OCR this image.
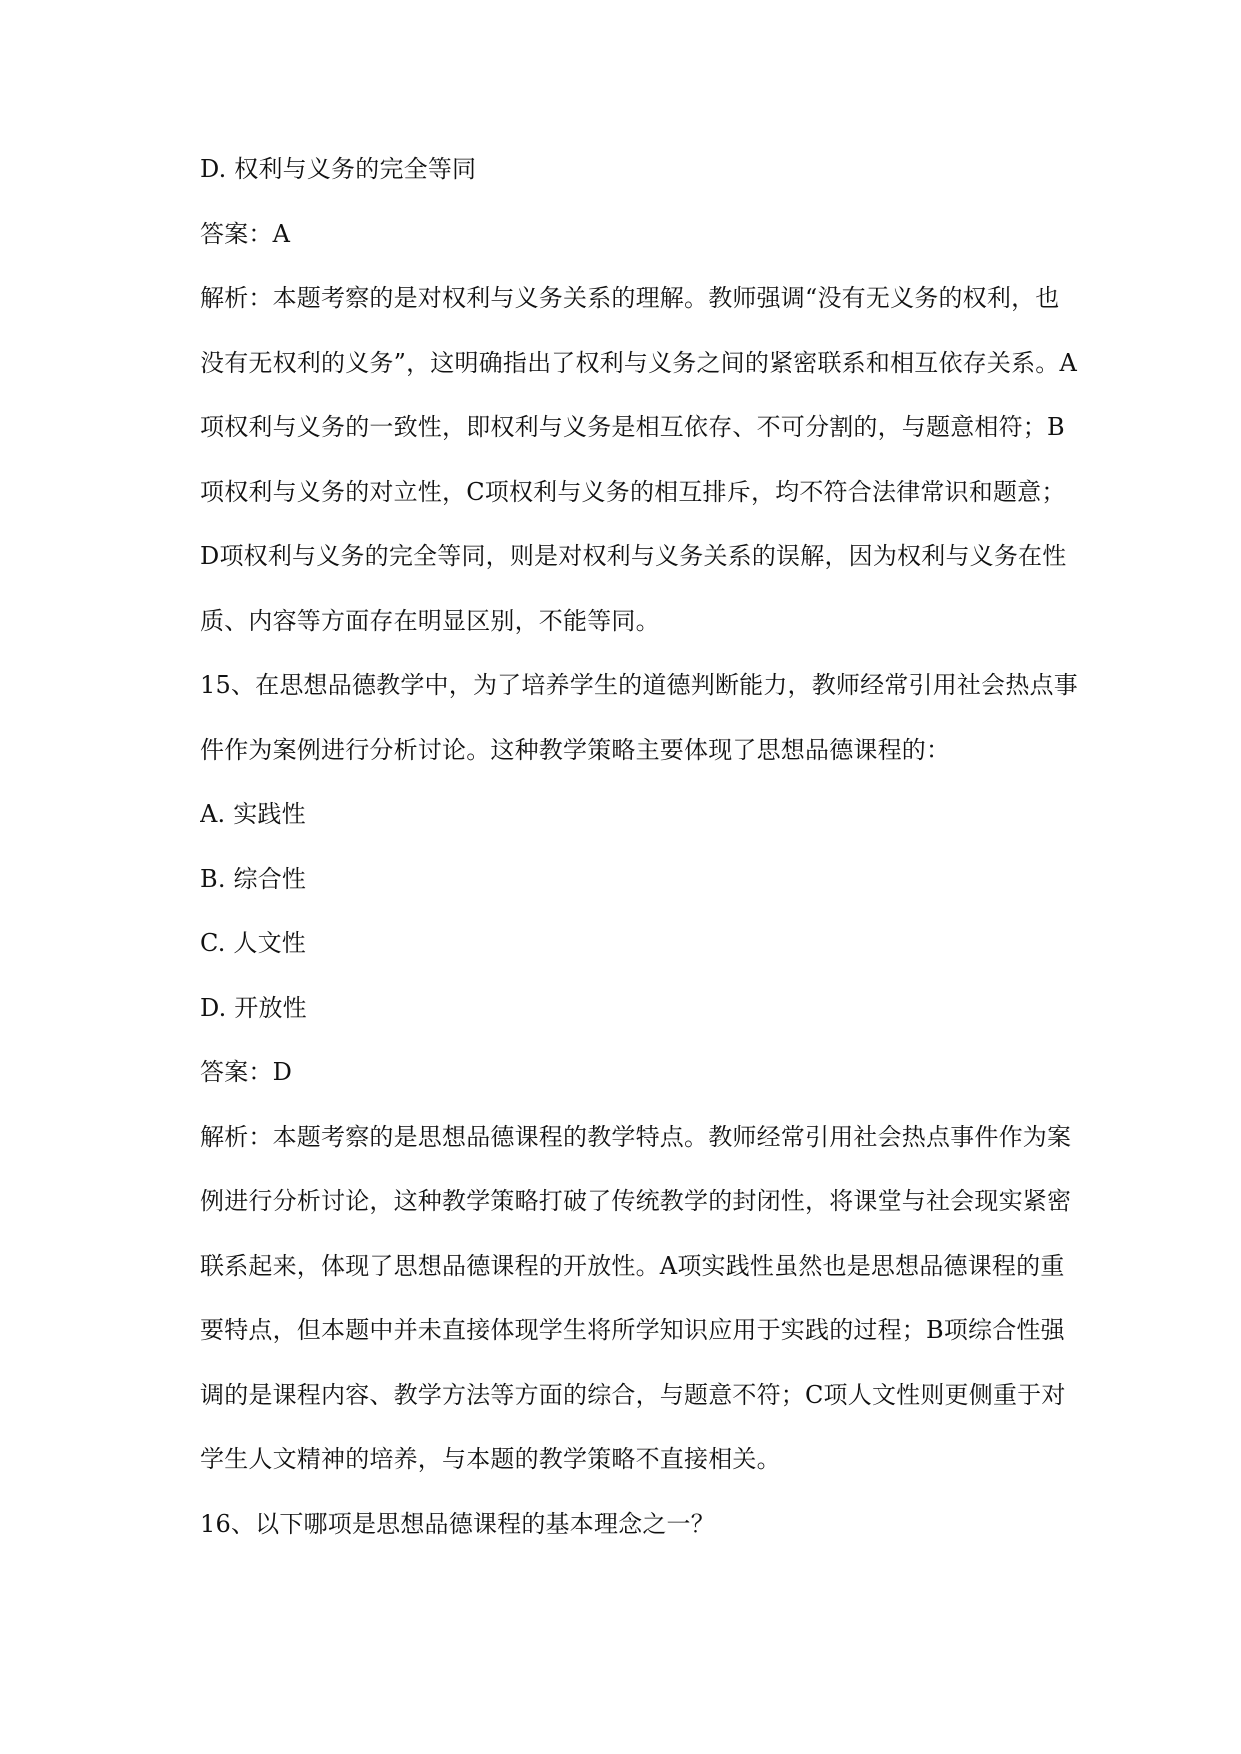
D. 权利与义务的完全等同
答案：A
解析：本题考察的是对权利与义务关系的理解。教师强调“没有无义务的权利，也
没有无权利的义务”，这明确指出了权利与义务之间的紧密联系和相互依存关系。A
项权利与义务的一致性，即权利与义务是相互依存、不可分割的，与题意相符；B
项权利与义务的对立性，C项权利与义务的相互排斥，均不符合法律常识和题意；
D项权利与义务的完全等同，则是对权利与义务关系的误解，因为权利与义务在性
质、内容等方面存在明显区别，不能等同。
15、在思想品德教学中，为了培养学生的道德判断能力，教师经常引用社会热点事
件作为案例进行分析讨论。这种教学策略主要体现了思想品德课程的：
A. 实践性
B. 综合性
C. 人文性
D. 开放性
答案：D
解析：本题考察的是思想品德课程的教学特点。教师经常引用社会热点事件作为案
例进行分析讨论，这种教学策略打破了传统教学的封闭性，将课堂与社会现实紧密
联系起来，体现了思想品德课程的开放性。A项实践性虽然也是思想品德课程的重
要特点，但本题中并未直接体现学生将所学知识应用于实践的过程；B项综合性强
调的是课程内容、教学方法等方面的综合，与题意不符；C项人文性则更侧重于对
学生人文精神的培养，与本题的教学策略不直接相关。
16、以下哪项是思想品德课程的基本理念之一？
